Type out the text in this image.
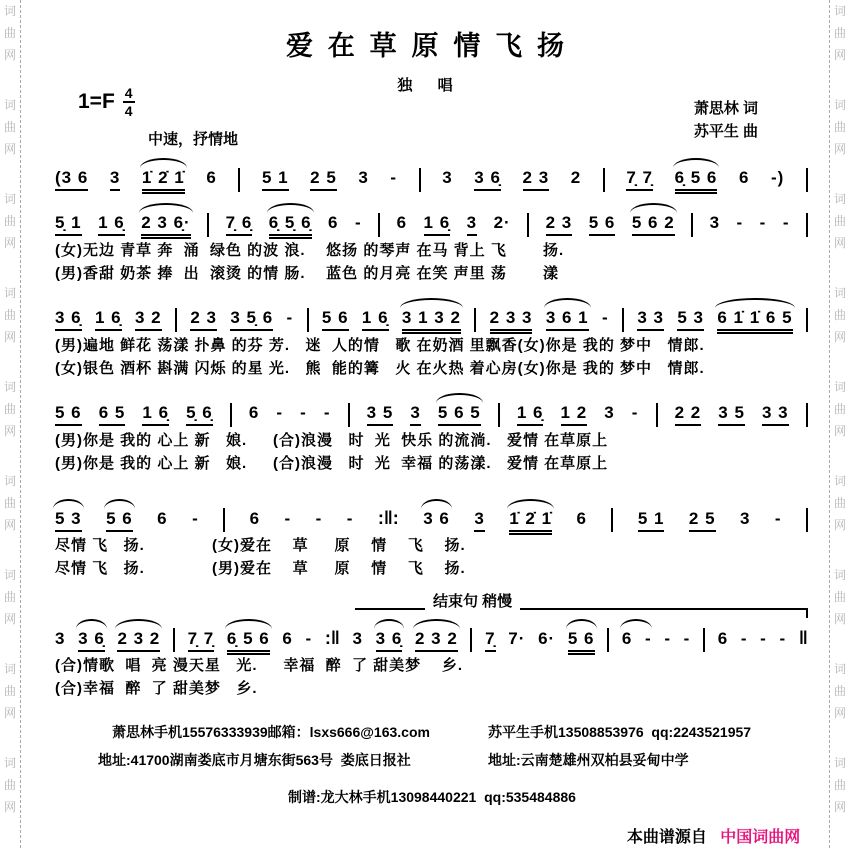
词
曲
网
词
曲
网
词
曲
网
词
曲
网
词
曲
网
词
曲
网
词
曲
网
词
曲
网
词
曲
网
词
曲
网
词
曲
网
词
曲
网
词
曲
网
词
曲
网
词
曲
网
词
曲
网
词
曲
网
词
曲
网
爱在草原情飞扬
独 唱
$1=F \frac{4}{4}$	萧思林 词
苏平生 曲
中速，抒情地
(3 6 3 1̇ 2̇ 1̇ 6	5 1 2 5 3 -	3 3 6̣ 2 3 2	7̣ 7̣ 6̣ 5 6 6 -)
5̣ 1 1 6̣ 2 3 6̣· 7̣ 6̣ 6̣ 5̣ 6̣ 6 - 6 1 6̣ 3 2· 2 3 5 6 5 6 2 3 - - -
(女)无边 青草 奔  涌  绿色 的波 浪.    悠扬 的琴声 在马 背上 飞       扬.
(男)香甜 奶茶 捧  出  滚烫 的情 肠.    蓝色 的月亮 在笑 声里 荡       漾
3 6̣ 1 6̣ 3 2 2 3 3 5̣ 6 - 5 6 1 6̣ 3 1 3 2 2 3 3 3 6 1 - 3 3 5 3 6 1̇ 1̇ 6 5
(男)遍地 鲜花 荡漾 扑鼻 的芬 芳.   迷  人的情   歌 在奶酒 里飘香(女)你是 我的 梦中   情郎.
(女)银色 酒杯 斟满 闪烁 的星 光.   熊  能的篝   火 在火热 着心房(女)你是 我的 梦中   情郎.
5 6 6 5 1 6̣ 5̣ 6̣ 6 - - - 3 5 3 5 6 5 1 6̣ 1 2 3 - 2 2 3 5 3 3
(男)你是 我的 心上 新   娘.     (合)浪漫   时  光  快乐 的流淌.   爱情 在草原上
(男)你是 我的 心上 新   娘.     (合)浪漫   时  光  幸福 的荡漾.   爱情 在草原上
5 3 5 6 6 -	6 - - - :‖: 3 6 3 1̇ 2̇ 1̇ 6	5 1 2 5 3 -
尽情 飞   扬.             (女)爱在    草     原    情    飞    扬.
尽情 飞   扬.             (男)爱在    草     原    情    飞    扬.
结束句 稍慢
3 3 6̣ 2 3 2 7̣ 7̣ 6̣ 5 6 6 - :‖ 3 3 6̣ 2 3 2 7̣ 7· 6· 5 6 6 - - - 6 - - - ‖
(合)情歌  唱  亮 漫天星   光.     幸福  醉  了 甜美梦    乡.
(合)幸福  醉  了 甜美梦   乡.
萧思林手机15576333939邮箱：lsxs666@163.com	苏平生手机13508853976  qq:2243521957
地址:41700湖南娄底市月塘东街563号  娄底日报社	地址:云南楚雄州双柏县妥甸中学
制谱:龙大林手机13098440221  qq:535484886

本曲谱源自 中国词曲网
